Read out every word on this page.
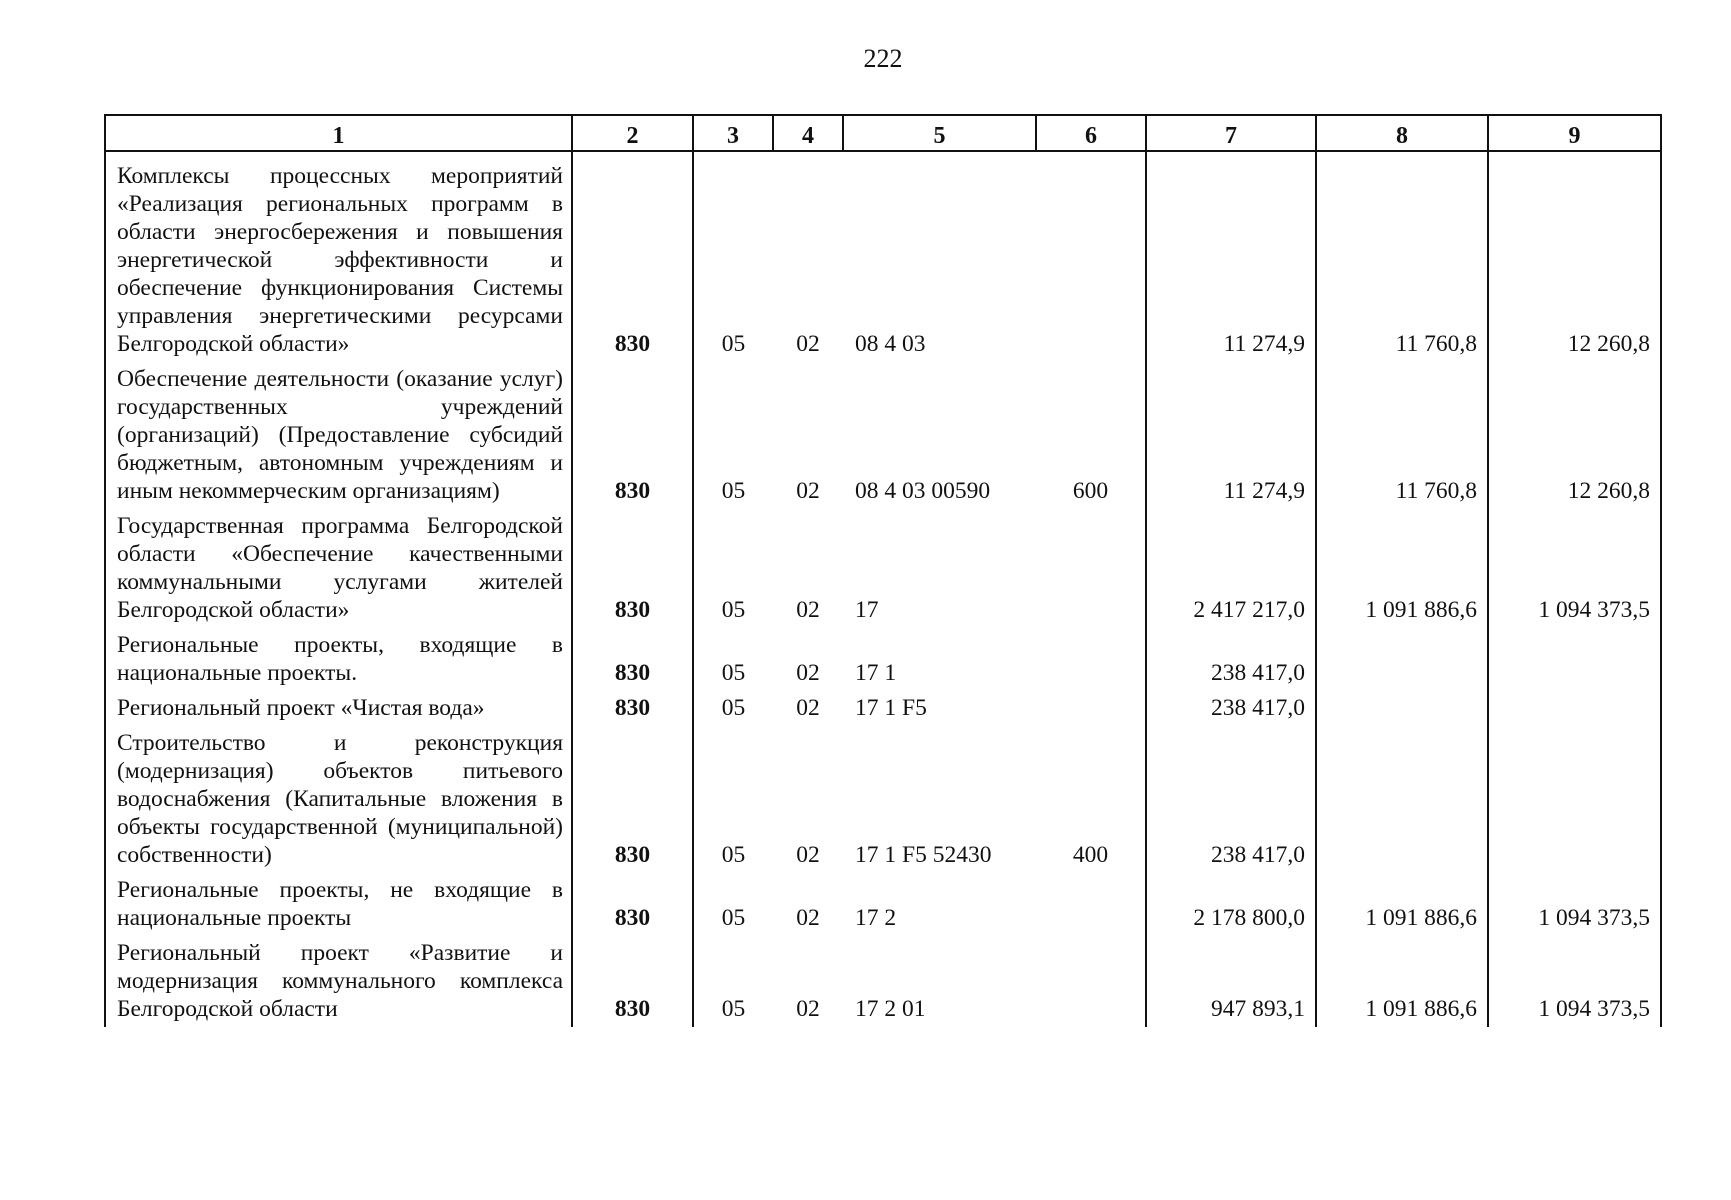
222
1	2	3	4	5	6	7	8	9
Комплексы процессных мероприятий «Реализация региональных программ в области энергосбережения и повышения энергетической эффективности и обеспечение функционирования Системы управления энергетическими ресурсами Белгородской области»	830	05	02	08 4 03		11 274,9	11 760,8	12 260,8
Обеспечение деятельности (оказание услуг) государственных учреждений (организаций) (Предоставление субсидий бюджетным, автономным учреждениям и иным некоммерческим организациям)	830	05	02	08 4 03 00590	600	11 274,9	11 760,8	12 260,8
Государственная программа Белгородской области «Обеспечение качественными коммунальными услугами жителей Белгородской области»	830	05	02	17		2 417 217,0	1 091 886,6	1 094 373,5
Региональные проекты, входящие в национальные проекты.	830	05	02	17 1		238 417,0		
Региональный проект «Чистая вода»	830	05	02	17 1 F5		238 417,0		
Строительство и реконструкция (модернизация) объектов питьевого водоснабжения (Капитальные вложения в объекты государственной (муниципальной) собственности)	830	05	02	17 1 F5 52430	400	238 417,0		
Региональные проекты, не входящие в национальные проекты	830	05	02	17 2		2 178 800,0	1 091 886,6	1 094 373,5
Региональный проект «Развитие и модернизация коммунального комплекса Белгородской области	830	05	02	17 2 01		947 893,1	1 091 886,6	1 094 373,5
